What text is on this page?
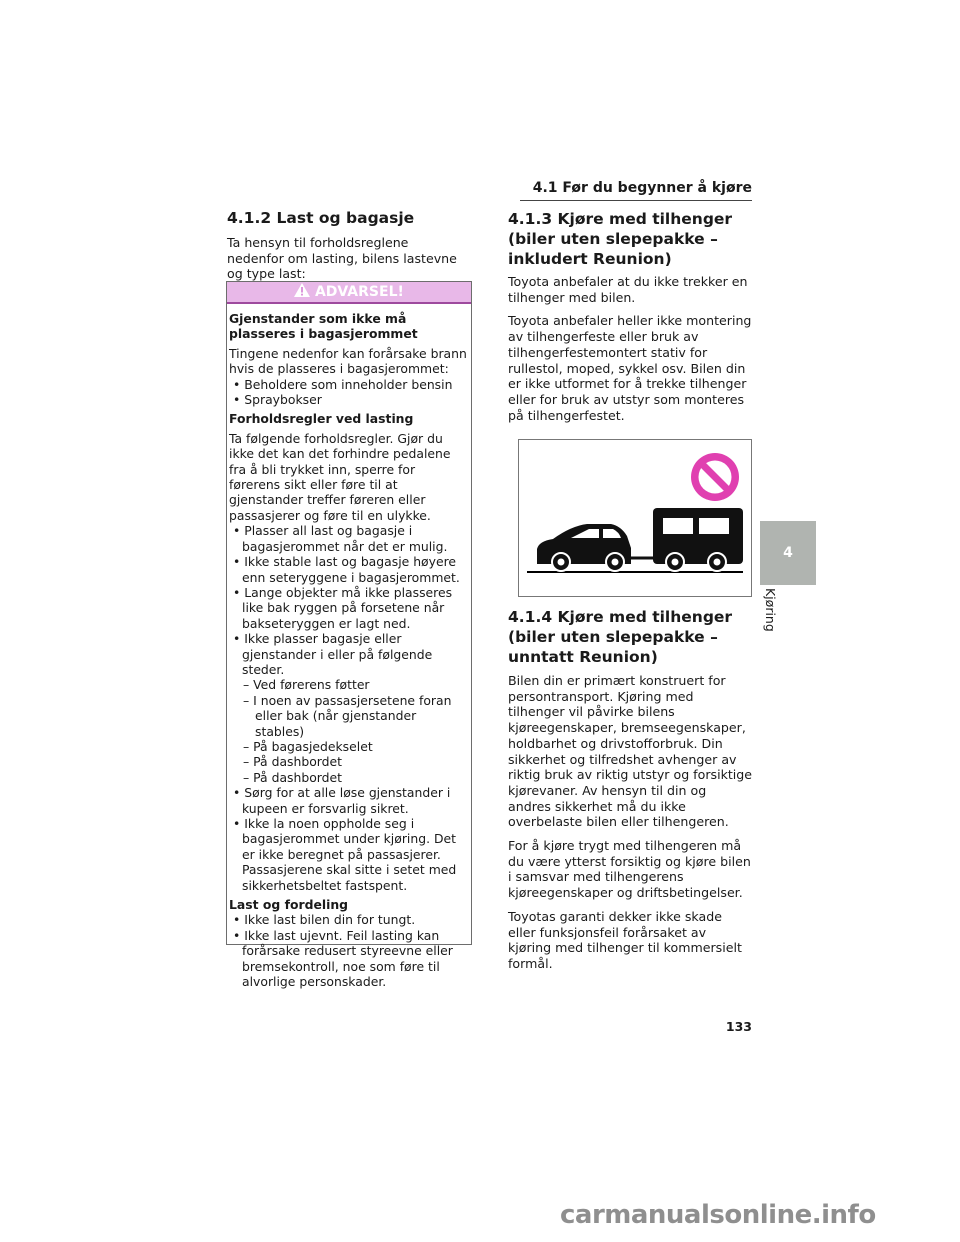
4.1 Før du begynner å kjøre
4.1.2 Last og bagasje

Ta hensyn til forholdsreglene nedenfor om lasting, bilens lastevne og type last:

ADVARSEL!

Gjenstander som ikke må plasseres i bagasjerommet

Tingene nedenfor kan forårsake brann hvis de plasseres i bagasjerommet:

• Beholdere som inneholder bensin

• Spraybokser

Forholdsregler ved lasting

Ta følgende forholdsregler. Gjør du ikke det kan det forhindre pedalene fra å bli trykket inn, sperre for førerens sikt eller føre til at gjenstander treffer føreren eller passasjerer og føre til en ulykke.

• Plasser all last og bagasje i bagasjerommet når det er mulig.

• Ikke stable last og bagasje høyere enn seteryggene i bagasjerommet.

• Lange objekter må ikke plasseres like bak ryggen på forsetene når bakseteryggen er lagt ned.

• Ikke plasser bagasje eller gjenstander i eller på følgende steder.

– Ved førerens føtter

– I noen av passasjersetene foran eller bak (når gjenstander stables)

– På bagasjedekselet

– På dashbordet

– På dashbordet

• Sørg for at alle løse gjenstander i kupeen er forsvarlig sikret.

• Ikke la noen oppholde seg i bagasjerommet under kjøring. Det er ikke beregnet på passasjerer. Passasjerene skal sitte i setet med sikkerhetsbeltet fastspent.

Last og fordeling

• Ikke last bilen din for tungt.

• Ikke last ujevnt. Feil lasting kan forårsake redusert styreevne eller bremsekontroll, noe som føre til alvorlige personskader.

4.1.3 Kjøre med tilhenger (biler uten slepepakke – inkludert Reunion)

Toyota anbefaler at du ikke trekker en tilhenger med bilen.

Toyota anbefaler heller ikke montering av tilhengerfeste eller bruk av tilhengerfestemontert stativ for rullestol, moped, sykkel osv. Bilen din er ikke utformet for å trekke tilhenger eller for bruk av utstyr som monteres på tilhengerfestet.

4.1.4 Kjøre med tilhenger (biler uten slepepakke – unntatt Reunion)

Bilen din er primært konstruert for persontransport. Kjøring med tilhenger vil påvirke bilens kjøreegenskaper, bremseegenskaper, holdbarhet og drivstofforbruk. Din sikkerhet og tilfredshet avhenger av riktig bruk av riktig utstyr og forsiktige kjørevaner. Av hensyn til din og andres sikkerhet må du ikke overbelaste bilen eller tilhengeren.

For å kjøre trygt med tilhengeren må du være ytterst forsiktig og kjøre bilen i samsvar med tilhengerens kjøreegenskaper og driftsbetingelser.

Toyotas garanti dekker ikke skade eller funksjonsfeil forårsaket av kjøring med tilhenger til kommersielt formål.

4
Kjøring
133
carmanualsonline.info
